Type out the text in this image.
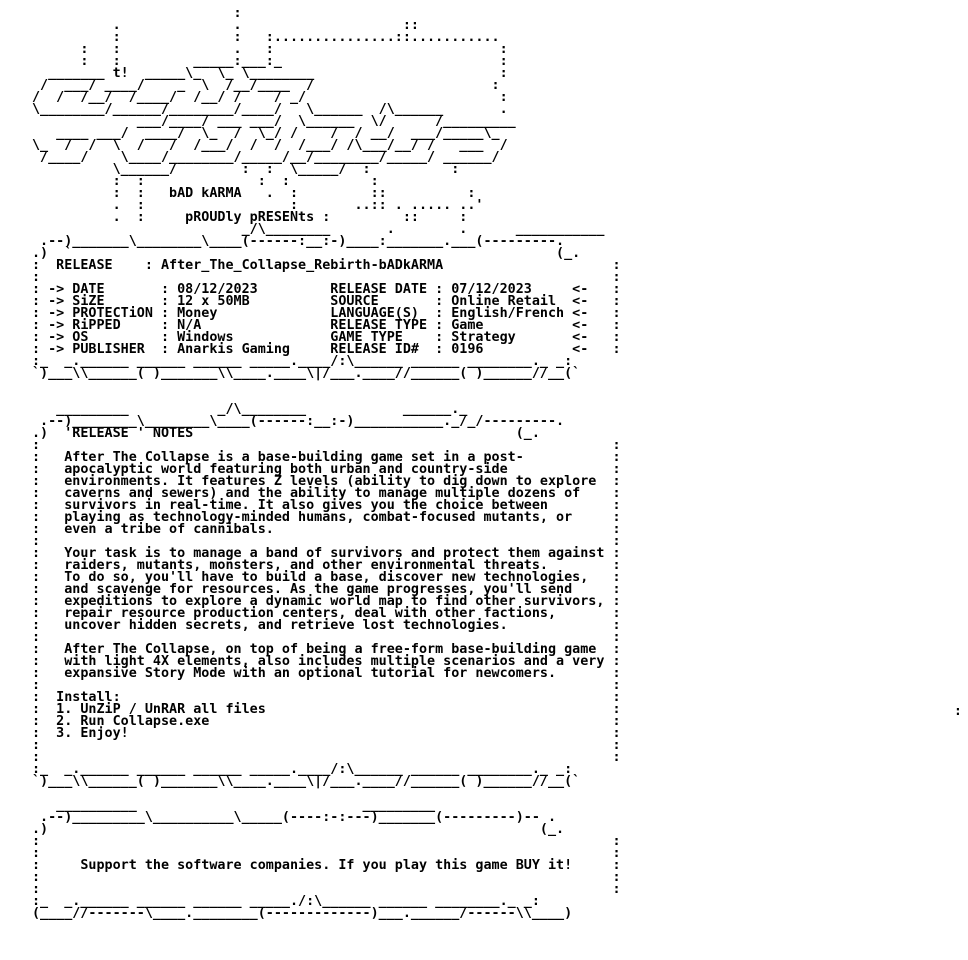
:
.              .                    ::
:              :   :...............::...........
:   :              .   :                            :
:   :         _____:___:_                           :
_______ t!  _____\_  \_ \________                       :
/  ___/ ____/    _  \  /__/____  /                      :
/  /  /__/  /____/  /__/ /    / _/                        :
\________/______/________/____/   \______  /\______       .
___/____/ ___ ___/  \______  \/      /_________
____ ___/  ____/  \_  /  \_/ /    /  / __/  ___/_____\_
\_  /  /  \  /   /  /___/  /  /  /___/ /\___/__/ /   ___  /
/____/    \____/________/_____/__/________/_____/ ______/
\______/        :  :  \_____/  :          :
:  :              :  :          :
:  :   bAD kARMA   .  :         ::          :
.  :                  :       ..:: . ..... ..'
.  :     pROUDly pRESENts :         ::     :
_/\________       .        .      ___________
.--)_______\________\____(------:__:-)____:_______.___(---------.
.)  `                                                            (_.
:  RELEASE    : After_The_Collapse_Rebirth-bADkARMA                     :
:                                                                       :
: -> DATE       : 08/12/2023         RELEASE DATE : 07/12/2023     <-   :
: -> SiZE       : 12 x 50MB          SOURCE       : Online Retail  <-   :
: -> PROTECTiON : Money              LANGUAGE(S)  : English/French <-   :
: -> RiPPED     : N/A                RELEASE TYPE : Game           <-   :
: -> OS         : Windows            GAME TYPE    : Strategy       <-   :
: -> PUBLISHER  : Anarkis Gaming     RELEASE ID#  : 0196           <-   :
:_  _.______ ______ ______ _____.____/:\______ ______ ________._ _:
`)___\\______( )_______\\____.____\|/___.____//______( )______//__(`
_________           _/\________            ______._
.--)________\________\____(------:__:-)___________._/_/---------.
.)  'RELEASE ' NOTES                                        (_.
:                                                                       :
:   After The Collapse is a base-building game set in a post-           :
:   apocalyptic world featuring both urban and country-side             :
:   environments. It features Z levels (ability to dig down to explore  :
:   caverns and sewers) and the ability to manage multiple dozens of    :
:   survivors in real-time. It also gives you the choice between        :
:   playing as technology-minded humans, combat-focused mutants, or     :
:   even a tribe of cannibals.                                          :
:                                                                       :
:   Your task is to manage a band of survivors and protect them against :
:   raiders, mutants, monsters, and other environmental threats.        :
:   To do so, you'll have to build a base, discover new technologies,   :
:   and scavenge for resources. As the game progresses, you'll send     :
:   expeditions to explore a dynamic world map to find other survivors, :
:   repair resource production centers, deal with other factions,       :
:   uncover hidden secrets, and retrieve lost technologies.             :
:                                                                       :
:   After The Collapse, on top of being a free-form base-building game  :
:   with light 4X elements, also includes multiple scenarios and a very :
:   expansive Story Mode with an optional tutorial for newcomers.       :
:                                                                       :
:  Install:                                                             :
:  1. UnZiP / UnRAR all files                                           :
:  2. Run Collapse.exe                                                  :
:  3. Enjoy!                                                            :
:                                                                       :
:                                                                       :
:_  _.______ ______ ______ _____.____/:\______ ______ ________._ _:
`)___\\______( )_______\\____.____\|/___.____//______( )______//__(`
__________                            _________
.--)_________\__________\_____(----:-:---)_______(---------)-- .
.)                                                             (_.
:                                                                       :
:                                                                       :
:     Support the software companies. If you play this game BUY it!     :
:                                                                       :
:                                                                       :
:_  _.______ ______ ______ _____./:\______ ______ ________._ _:
(____//-------\____.________(-------------)___.______/------\\____)
:
